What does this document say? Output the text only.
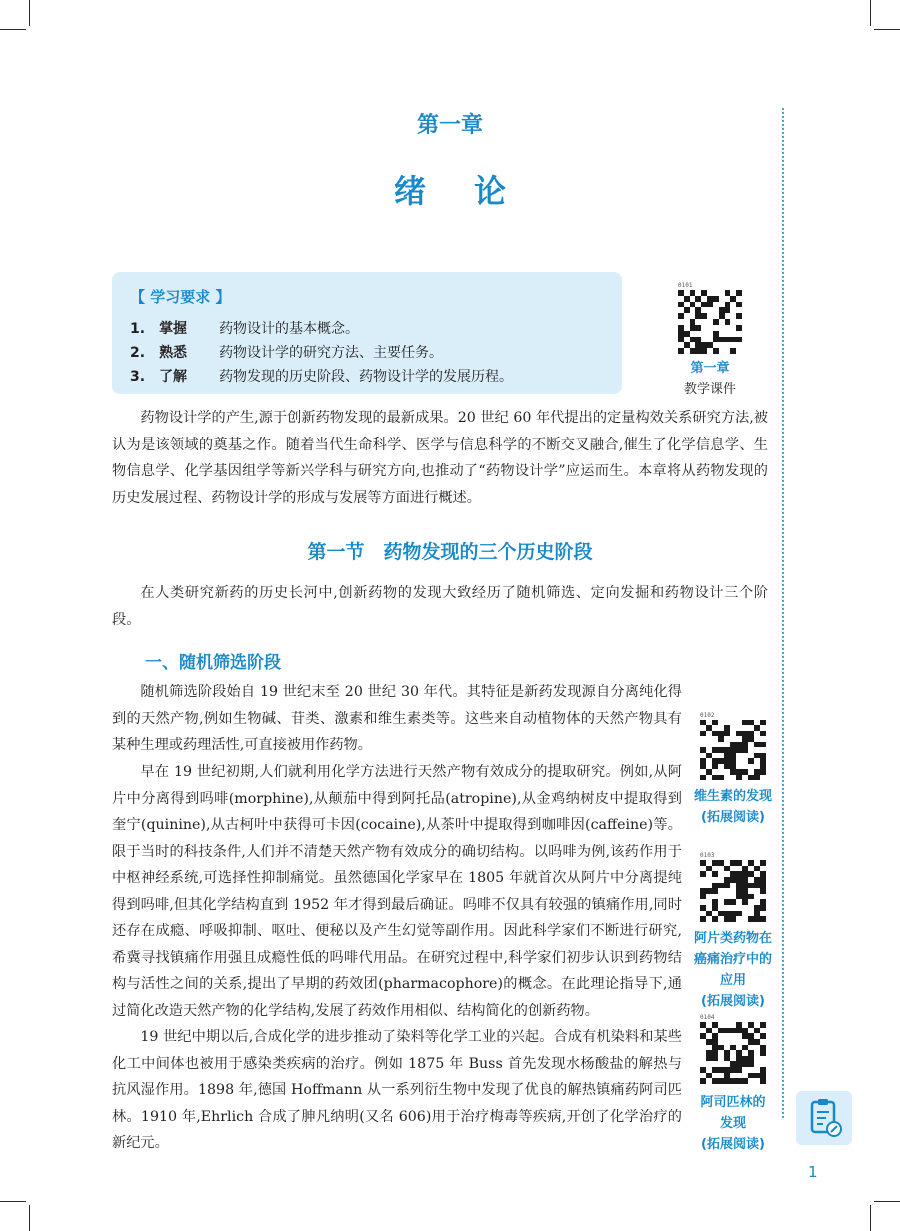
第一章
绪论
【 学习要求 】
1. 掌握 药物设计的基本概念。
2. 熟悉 药物设计学的研究方法、主要任务。
3. 了解 药物发现的历史阶段、药物设计学的发展历程。
0101
第一章
教学课件

药物设计学的产生,源于创新药物发现的最新成果。20 世纪 60 年代提出的定量构效关系研究方法,被认为是该领域的奠基之作。随着当代生命科学、医学与信息科学的不断交叉融合,催生了化学信息学、生物信息学、化学基因组学等新兴学科与研究方向,也推动了“药物设计学”应运而生。本章将从药物发现的历史发展过程、药物设计学的形成与发展等方面进行概述。

第一节　药物发现的三个历史阶段

在人类研究新药的历史长河中,创新药物的发现大致经历了随机筛选、定向发掘和药物设计三个阶段。

一、随机筛选阶段

随机筛选阶段始自 19 世纪末至 20 世纪 30 年代。其特征是新药发现源自分离纯化得到的天然产物,例如生物碱、苷类、激素和维生素类等。这些来自动植物体的天然产物具有某种生理或药理活性,可直接被用作药物。

早在 19 世纪初期,人们就利用化学方法进行天然产物有效成分的提取研究。例如,从阿片中分离得到吗啡(morphine),从颠茄中得到阿托品(atropine),从金鸡纳树皮中提取得到奎宁(quinine),从古柯叶中获得可卡因(cocaine),从茶叶中提取得到咖啡因(caffeine)等。限于当时的科技条件,人们并不清楚天然产物有效成分的确切结构。以吗啡为例,该药作用于中枢神经系统,可选择性抑制痛觉。虽然德国化学家早在 1805 年就首次从阿片中分离提纯得到吗啡,但其化学结构直到 1952 年才得到最后确证。吗啡不仅具有较强的镇痛作用,同时还存在成瘾、呼吸抑制、呕吐、便秘以及产生幻觉等副作用。因此科学家们不断进行研究,希冀寻找镇痛作用强且成瘾性低的吗啡代用品。在研究过程中,科学家们初步认识到药物结构与活性之间的关系,提出了早期的药效团(pharmacophore)的概念。在此理论指导下,通过简化改造天然产物的化学结构,发展了药效作用相似、结构简化的创新药物。

19 世纪中期以后,合成化学的进步推动了染料等化学工业的兴起。合成有机染料和某些化工中间体也被用于感染类疾病的治疗。例如 1875 年 Buss 首先发现水杨酸盐的解热与抗风湿作用。1898 年,德国 Hoffmann 从一系列衍生物中发现了优良的解热镇痛药阿司匹林。1910 年,Ehrlich 合成了胂凡纳明(又名 606)用于治疗梅毒等疾病,开创了化学治疗的新纪元。

0102
维生素的发现
(拓展阅读)
0103
阿片类药物在癌痛治疗中的应用
(拓展阅读)
0104
阿司匹林的发现
(拓展阅读)
1
